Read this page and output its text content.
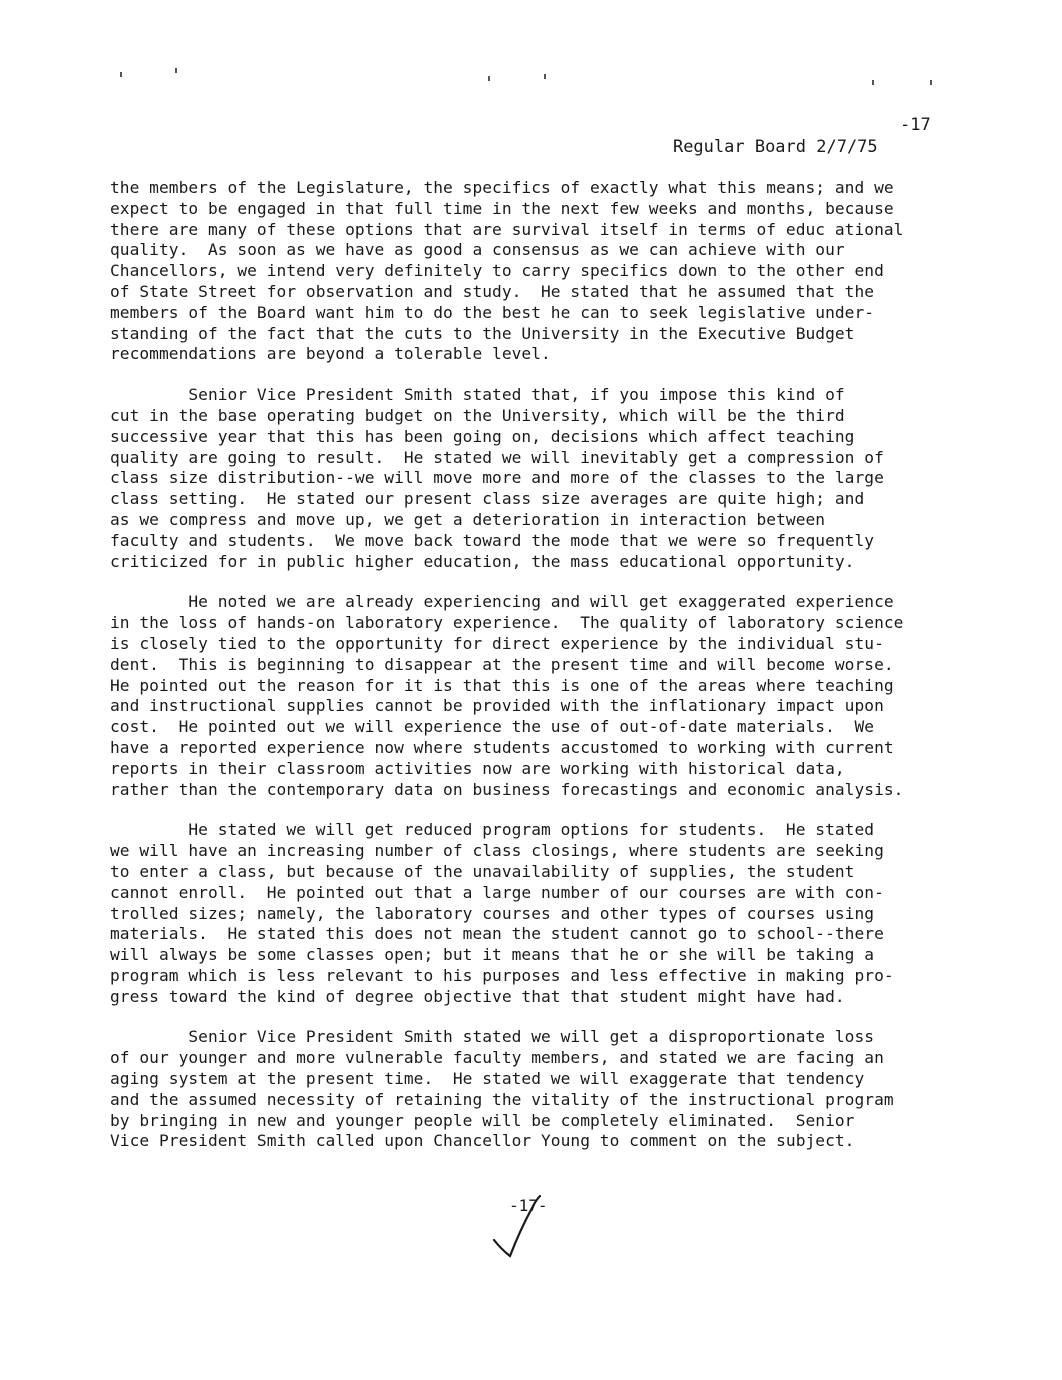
Regular Board 2/7/75

-17

the members of the Legislature, the specifics of exactly what this means; and we
expect to be engaged in that full time in the next few weeks and months, because
there are many of these options that are survival itself in terms of educ ational
quality.  As soon as we have as good a consensus as we can achieve with our
Chancellors, we intend very definitely to carry specifics down to the other end
of State Street for observation and study.  He stated that he assumed that the
members of the Board want him to do the best he can to seek legislative under-
standing of the fact that the cuts to the University in the Executive Budget
recommendations are beyond a tolerable level.
Senior Vice President Smith stated that, if you impose this kind of
cut in the base operating budget on the University, which will be the third
successive year that this has been going on, decisions which affect teaching
quality are going to result.  He stated we will inevitably get a compression of
class size distribution--we will move more and more of the classes to the large
class setting.  He stated our present class size averages are quite high; and
as we compress and move up, we get a deterioration in interaction between
faculty and students.  We move back toward the mode that we were so frequently
criticized for in public higher education, the mass educational opportunity.
He noted we are already experiencing and will get exaggerated experience
in the loss of hands-on laboratory experience.  The quality of laboratory science
is closely tied to the opportunity for direct experience by the individual stu-
dent.  This is beginning to disappear at the present time and will become worse.
He pointed out the reason for it is that this is one of the areas where teaching
and instructional supplies cannot be provided with the inflationary impact upon
cost.  He pointed out we will experience the use of out-of-date materials.  We
have a reported experience now where students accustomed to working with current
reports in their classroom activities now are working with historical data,
rather than the contemporary data on business forecastings and economic analysis.
He stated we will get reduced program options for students.  He stated
we will have an increasing number of class closings, where students are seeking
to enter a class, but because of the unavailability of supplies, the student
cannot enroll.  He pointed out that a large number of our courses are with con-
trolled sizes; namely, the laboratory courses and other types of courses using
materials.  He stated this does not mean the student cannot go to school--there
will always be some classes open; but it means that he or she will be taking a
program which is less relevant to his purposes and less effective in making pro-
gress toward the kind of degree objective that that student might have had.
Senior Vice President Smith stated we will get a disproportionate loss
of our younger and more vulnerable faculty members, and stated we are facing an
aging system at the present time.  He stated we will exaggerate that tendency
and the assumed necessity of retaining the vitality of the instructional program
by bringing in new and younger people will be completely eliminated.  Senior
Vice President Smith called upon Chancellor Young to comment on the subject.
-17-
